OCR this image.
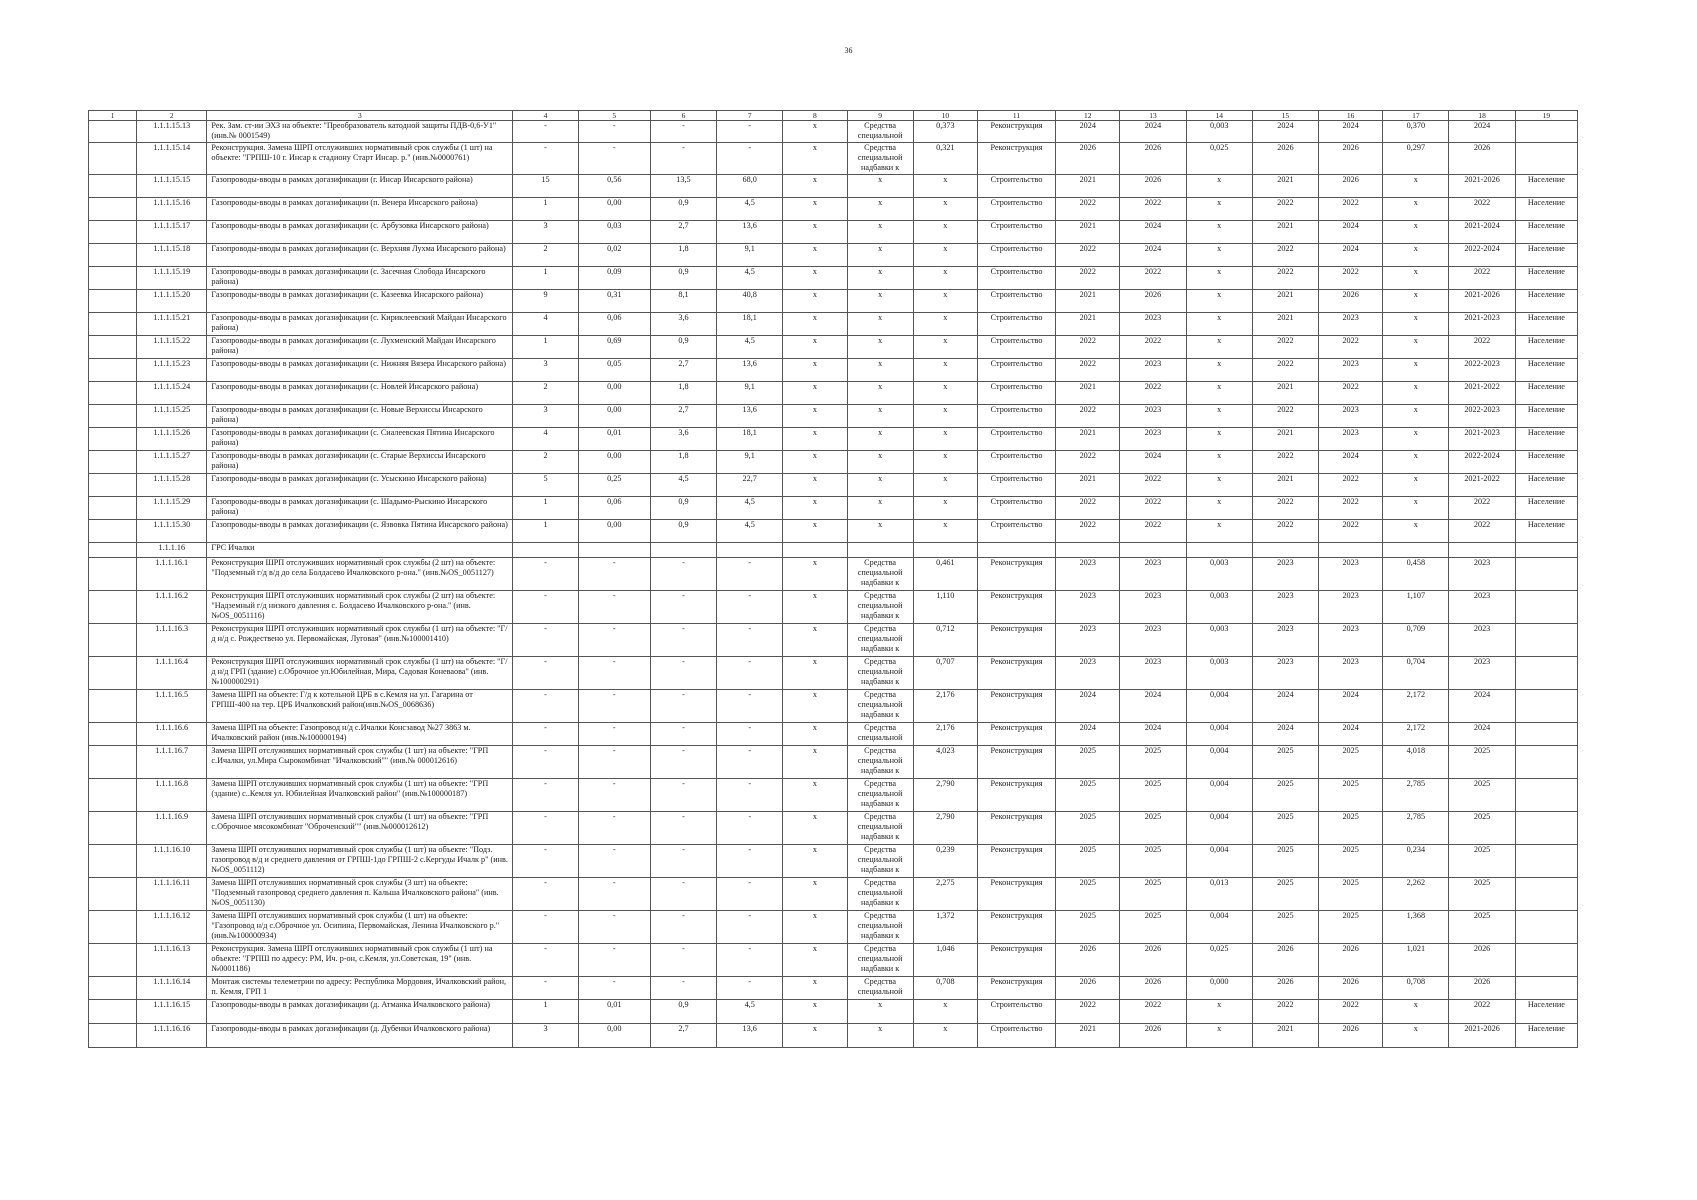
36
1	2	3	4	5	6	7	8	9	10	11	12	13	14	15	16	17	18	19

	1.1.1.15.13	Рек. Зам. ст-ии ЭХЗ на объекте: "Преобразователь катодной защиты ПДВ-0,6-У1" (инв.№ 0001549)	-	-	-	-	х	Средства специальной	0,373	Реконструкция	2024	2024	0,003	2024	2024	0,370	2024	

	1.1.1.15.14	Реконструкция. Замена ШРП отслуживших нормативный срок службы (1 шт) на объекте: "ГРПШ-10 г. Инсар к стадиону Старт Инсар. р." (инв.№0000761)	-	-	-	-	х	Средства специальной надбавки к	0,321	Реконструкция	2026	2026	0,025	2026	2026	0,297	2026	

	1.1.1.15.15	Газопроводы-вводы в рамках догазификации (г. Инсар Инсарского района)	15	0,56	13,5	68,0	х	х	х	Строительство	2021	2026	х	2021	2026	х	2021-2026	Население

	1.1.1.15.16	Газопроводы-вводы в рамках догазификации (п. Венера Инсарского района)	1	0,00	0,9	4,5	х	х	х	Строительство	2022	2022	х	2022	2022	х	2022	Население

	1.1.1.15.17	Газопроводы-вводы в рамках догазификации (с. Арбузовка Инсарского района)	3	0,03	2,7	13,6	х	х	х	Строительство	2021	2024	х	2021	2024	х	2021-2024	Население

	1.1.1.15.18	Газопроводы-вводы в рамках догазификации (с. Верхняя Лухма Инсарского района)	2	0,02	1,8	9,1	х	х	х	Строительство	2022	2024	х	2022	2024	х	2022-2024	Население

	1.1.1.15.19	Газопроводы-вводы в рамках догазификации (с. Засечная Слобода Инсарского района)	1	0,09	0,9	4,5	х	х	х	Строительство	2022	2022	х	2022	2022	х	2022	Население

	1.1.1.15.20	Газопроводы-вводы в рамках догазификации (с. Казеевка Инсарского района)	9	0,31	8,1	40,8	х	х	х	Строительство	2021	2026	х	2021	2026	х	2021-2026	Население

	1.1.1.15.21	Газопроводы-вводы в рамках догазификации (с. Кириклеевский Майдан Инсарского района)	4	0,06	3,6	18,1	х	х	х	Строительство	2021	2023	х	2021	2023	х	2021-2023	Население

	1.1.1.15.22	Газопроводы-вводы в рамках догазификации (с. Лухменский Майдан Инсарского района)	1	0,69	0,9	4,5	х	х	х	Строительство	2022	2022	х	2022	2022	х	2022	Население

	1.1.1.15.23	Газопроводы-вводы в рамках догазификации (с. Нижняя Вязера Инсарского района)	3	0,05	2,7	13,6	х	х	х	Строительство	2022	2023	х	2022	2023	х	2022-2023	Население

	1.1.1.15.24	Газопроводы-вводы в рамках догазификации (с. Новлей Инсарского района)	2	0,00	1,8	9,1	х	х	х	Строительство	2021	2022	х	2021	2022	х	2021-2022	Население

	1.1.1.15.25	Газопроводы-вводы в рамках догазификации (с. Новые Верхиссы Инсарского района)	3	0,00	2,7	13,6	х	х	х	Строительство	2022	2023	х	2022	2023	х	2022-2023	Население

	1.1.1.15.26	Газопроводы-вводы в рамках догазификации (с. Сиалеевская Пятина Инсарского района)	4	0,01	3,6	18,1	х	х	х	Строительство	2021	2023	х	2021	2023	х	2021-2023	Население

	1.1.1.15.27	Газопроводы-вводы в рамках догазификации (с. Старые Верхиссы Инсарского района)	2	0,00	1,8	9,1	х	х	х	Строительство	2022	2024	х	2022	2024	х	2022-2024	Население

	1.1.1.15.28	Газопроводы-вводы в рамках догазификации (с. Усыскино Инсарского района)	5	0,25	4,5	22,7	х	х	х	Строительство	2021	2022	х	2021	2022	х	2021-2022	Население

	1.1.1.15.29	Газопроводы-вводы в рамках догазификации (с. Шадымо-Рыскино Инсарского района)	1	0,06	0,9	4,5	х	х	х	Строительство	2022	2022	х	2022	2022	х	2022	Население

	1.1.1.15.30	Газопроводы-вводы в рамках догазификации (с. Язвовка Пятина Инсарского района)	1	0,00	0,9	4,5	х	х	х	Строительство	2022	2022	х	2022	2022	х	2022	Население

	1.1.1.16	ГРС Ичалки																

	1.1.1.16.1	Реконструкция ШРП отслуживших нормативный срок службы (2 шт) на объекте: "Подземный г/д в/д до села Болдасево Ичалковского р-она." (инв.№OS_0051127)	-	-	-	-	х	Средства специальной надбавки к	0,461	Реконструкция	2023	2023	0,003	2023	2023	0,458	2023	

	1.1.1.16.2	Реконструкция ШРП отслуживших нормативный срок службы (2 шт) на объекте: "Надземный г/д низкого давления с. Болдасево Ичалковского р-она." (инв.№OS_0051116)	-	-	-	-	х	Средства специальной надбавки к	1,110	Реконструкция	2023	2023	0,003	2023	2023	1,107	2023	

	1.1.1.16.3	Реконструкция ШРП отслуживших нормативный срок службы (1 шт) на объекте: "Г/д н/д с. Рождествено ул. Первомайская, Луговая" (инв.№100001410)	-	-	-	-	х	Средства специальной надбавки к	0,712	Реконструкция	2023	2023	0,003	2023	2023	0,709	2023	

	1.1.1.16.4	Реконструкция ШРП отслуживших нормативный срок службы (1 шт) на объекте: "Г/д н/д ГРП (здание) с.Оброчное ул.Юбилейная, Мира, Садовая Коневаова" (инв.№100000291)	-	-	-	-	х	Средства специальной надбавки к	0,707	Реконструкция	2023	2023	0,003	2023	2023	0,704	2023	

	1.1.1.16.5	Замена ШРП на объекте: Г/д к котельной ЦРБ в с.Кемля на ул. Гагарина от ГРПШ-400 на тер. ЦРБ Ичалковский район(инв.№OS_0068636)	-	-	-	-	х	Средства специальной надбавки к	2,176	Реконструкция	2024	2024	0,004	2024	2024	2,172	2024	

	1.1.1.16.6	Замена ШРП на объекте: Газопровод н/д с.Ичалки Консзавод №27 3863 м. Ичалковский район (инв.№100000194)	-	-	-	-	х	Средства специальной	2,176	Реконструкция	2024	2024	0,004	2024	2024	2,172	2024	

	1.1.1.16.7	Замена ШРП отслуживших нормативный срок службы (1 шт) на объекте: "ГРП с.Ичалки, ул.Мира Сырокомбинат "Ичалковский"" (инв.№ 000012616)	-	-	-	-	х	Средства специальной надбавки к	4,023	Реконструкция	2025	2025	0,004	2025	2025	4,018	2025	

	1.1.1.16.8	Замена ШРП отслуживших нормативный срок службы (1 шт) на объекте: "ГРП (здание) с..Кемля ул. Юбилейная Ичалковский район" (инв.№100000187)	-	-	-	-	х	Средства специальной надбавки к	2,790	Реконструкция	2025	2025	0,004	2025	2025	2,785	2025	

	1.1.1.16.9	Замена ШРП отслуживших нормативный срок службы (1 шт) на объекте: "ГРП с.Оброчное мясокомбинат "Оброченский"" (инв.№000012612)	-	-	-	-	х	Средства специальной надбавки к	2,790	Реконструкция	2025	2025	0,004	2025	2025	2,785	2025	

	1.1.1.16.10	Замена ШРП отслуживших нормативный срок службы (1 шт) на объекте: "Подз. газопровод в/д и среднего давления от ГРПШ-1до ГРПШ-2 с.Кергуды Ичалк р" (инв.№OS_0051112)	-	-	-	-	х	Средства специальной надбавки к	0,239	Реконструкция	2025	2025	0,004	2025	2025	0,234	2025	

	1.1.1.16.11	Замена ШРП отслуживших нормативный срок службы (3 шт) на объекте: "Подземный газопровод среднего давления п. Кальша Ичалковского района" (инв.№OS_0051130)	-	-	-	-	х	Средства специальной надбавки к	2,275	Реконструкция	2025	2025	0,013	2025	2025	2,262	2025	

	1.1.1.16.12	Замена ШРП отслуживших нормативный срок службы (1 шт) на объекте: "Газопровод н/д с.Оброчное ул. Осипина, Первомайская, Ленина Ичалковского р." (инв.№100000934)	-	-	-	-	х	Средства специальной надбавки к	1,372	Реконструкция	2025	2025	0,004	2025	2025	1,368	2025	

	1.1.1.16.13	Реконструкция. Замена ШРП отслуживших нормативный срок службы (1 шт) на объекте: "ГРПШ по адресу: РМ, Ич. р-он, с.Кемля, ул.Советская, 19" (инв.№0001186)	-	-	-	-	х	Средства специальной надбавки к	1,046	Реконструкция	2026	2026	0,025	2026	2026	1,021	2026	

	1.1.1.16.14	Монтаж системы телеметрии по адресу: Республика Мордовия, Ичалковский район, п. Кемля, ГРП 1	-	-	-	-	х	Средства специальной	0,708	Реконструкция	2026	2026	0,000	2026	2026	0,708	2026	

	1.1.1.16.15	Газопроводы-вводы в рамках догазификации (д. Атманка Ичалковского района)	1	0,01	0,9	4,5	х	х	х	Строительство	2022	2022	х	2022	2022	х	2022	Население

	1.1.1.16.16	Газопроводы-вводы в рамках догазификации (д. Дубенки Ичалковского района)	3	0,00	2,7	13,6	х	х	х	Строительство	2021	2026	х	2021	2026	х	2021-2026	Население
